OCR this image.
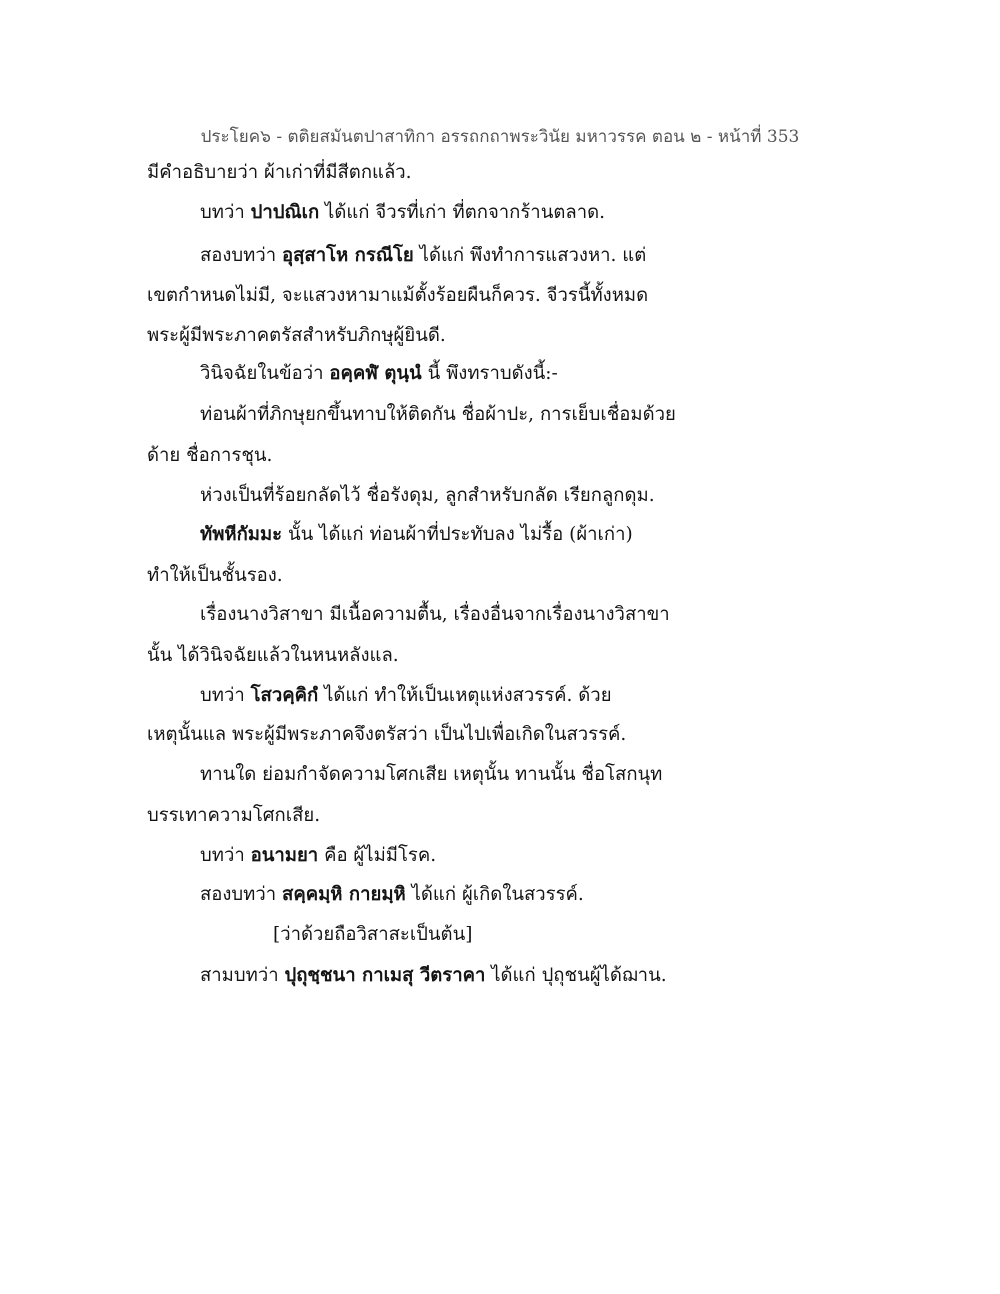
ประโยค๖ - ตติยสมันตปาสาทิกา อรรถกถาพระวินัย มหาวรรค ตอน ๒ - หน้าที่ 353
มีคำอธิบายว่า ผ้าเก่าที่มีสีตกแล้ว.
บทว่า ปาปณิเก ได้แก่ จีวรที่เก่า ที่ตกจากร้านตลาด.
สองบทว่า อุสฺสาโห กรณีโย ได้แก่ พึงทำการแสวงหา. แต่
เขตกำหนดไม่มี, จะแสวงหามาแม้ตั้งร้อยผืนก็ควร. จีวรนี้ทั้งหมด
พระผู้มีพระภาคตรัสสำหรับภิกษุผู้ยินดี.
วินิจฉัยในข้อว่า อคฺคฬํ ตุนฺนํ นี้ พึงทราบดังนี้:-
ท่อนผ้าที่ภิกษุยกขึ้นทาบให้ติดกัน ชื่อผ้าปะ, การเย็บเชื่อมด้วย
ด้าย ชื่อการชุน.
ห่วงเป็นที่ร้อยกลัดไว้ ชื่อรังดุม, ลูกสำหรับกลัด เรียกลูกดุม.
ทัพหีกัมมะ นั้น ได้แก่ ท่อนผ้าที่ประทับลง ไม่รื้อ (ผ้าเก่า)
ทำให้เป็นชั้นรอง.
เรื่องนางวิสาขา มีเนื้อความตื้น, เรื่องอื่นจากเรื่องนางวิสาขา
นั้น ได้วินิจฉัยแล้วในหนหลังแล.
บทว่า โสวคฺคิกํ ได้แก่ ทำให้เป็นเหตุแห่งสวรรค์. ด้วย
เหตุนั้นแล พระผู้มีพระภาคจึงตรัสว่า เป็นไปเพื่อเกิดในสวรรค์.
ทานใด ย่อมกำจัดความโศกเสีย เหตุนั้น ทานนั้น ชื่อโสกนุท
บรรเทาความโศกเสีย.
บทว่า อนามยา คือ ผู้ไม่มีโรค.
สองบทว่า สคฺคมฺหิ กายมฺหิ ได้แก่ ผู้เกิดในสวรรค์.
[ว่าด้วยถือวิสาสะเป็นต้น]
สามบทว่า ปุถุชฺชนา กาเมสุ วีตราคา ได้แก่ ปุถุชนผู้ได้ฌาน.
